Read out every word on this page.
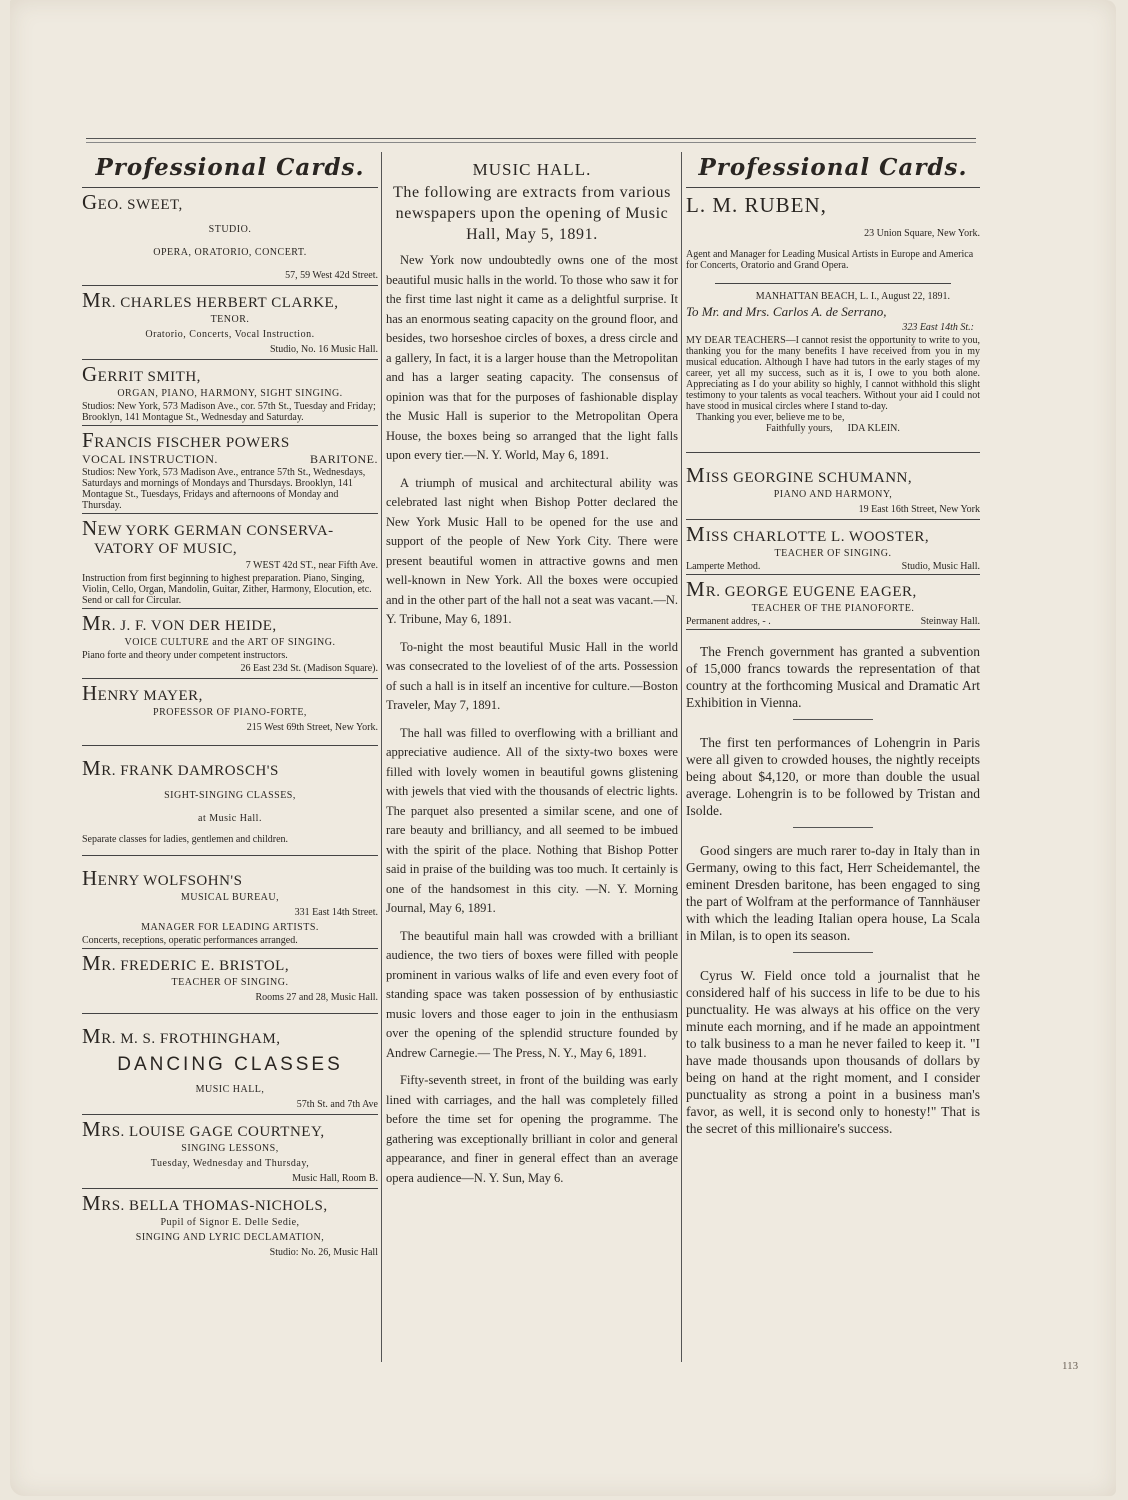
Professional Cards.
GEO. SWEET,
STUDIO.
OPERA, ORATORIO, CONCERT.
57, 59 West 42d Street.
MR. CHARLES HERBERT CLARKE,
TENOR.
Oratorio, Concerts, Vocal Instruction.
Studio, No. 16 Music Hall.
GERRIT SMITH,
ORGAN, PIANO, HARMONY, SIGHT SINGING.
Studios: New York, 573 Madison Ave., cor. 57th St., Tuesday and Friday; Brooklyn, 141 Montague St., Wednesday and Saturday.
FRANCIS FISCHER POWERS
VOCAL INSTRUCTION.	BARITONE.
Studios: New York, 573 Madison Ave., entrance 57th St., Wednesdays, Saturdays and mornings of Mondays and Thursdays. Brooklyn, 141 Montague St., Tuesdays, Fridays and afternoons of Monday and Thursday.
NEW YORK GERMAN CONSERVA-
VATORY OF MUSIC,
7 WEST 42d ST., near Fifth Ave.
Instruction from first beginning to highest preparation. Piano, Singing, Violin, Cello, Organ, Mandolin, Guitar, Zither, Harmony, Elocution, etc.
Send or call for Circular.
MR. J. F. VON DER HEIDE,
VOICE CULTURE and the ART OF SINGING.
Piano forte and theory under competent instructors.
26 East 23d St. (Madison Square).
HENRY MAYER,
PROFESSOR OF PIANO-FORTE,
215 West 69th Street, New York.
MR. FRANK DAMROSCH'S
SIGHT-SINGING CLASSES,
at Music Hall.
Separate classes for ladies, gentlemen and children.
HENRY WOLFSOHN'S
MUSICAL BUREAU,
331 East 14th Street.
MANAGER FOR LEADING ARTISTS.
Concerts, receptions, operatic performances arranged.
MR. FREDERIC E. BRISTOL,
TEACHER OF SINGING.
Rooms 27 and 28, Music Hall.
MR. M. S. FROTHINGHAM,
DANCING CLASSES
MUSIC HALL,
57th St. and 7th Ave
MRS. LOUISE GAGE COURTNEY,
SINGING LESSONS,
Tuesday, Wednesday and Thursday,
Music Hall, Room B.
MRS. BELLA THOMAS-NICHOLS,
Pupil of Signor E. Delle Sedie,
SINGING AND LYRIC DECLAMATION,
Studio: No. 26, Music Hall
MUSIC HALL.
The following are extracts from various newspapers upon the opening of Music Hall, May 5, 1891.

New York now undoubtedly owns one of the most beautiful music halls in the world. To those who saw it for the first time last night it came as a delightful surprise. It has an enormous seating capacity on the ground floor, and besides, two horseshoe circles of boxes, a dress circle and a gallery, In fact, it is a larger house than the Metropolitan and has a larger seating capacity. The consensus of opinion was that for the purposes of fashionable display the Music Hall is superior to the Metropolitan Opera House, the boxes being so arranged that the light falls upon every tier.—N. Y. World, May 6, 1891.

A triumph of musical and architectural ability was celebrated last night when Bishop Potter declared the New York Music Hall to be opened for the use and support of the people of New York City. There were present beautiful women in attractive gowns and men well-known in New York. All the boxes were occupied and in the other part of the hall not a seat was vacant.—N. Y. Tribune, May 6, 1891.

To-night the most beautiful Music Hall in the world was consecrated to the loveliest of of the arts. Possession of such a hall is in itself an incentive for culture.—Boston Traveler, May 7, 1891.

The hall was filled to overflowing with a brilliant and appreciative audience. All of the sixty-two boxes were filled with lovely women in beautiful gowns glistening with jewels that vied with the thousands of electric lights. The parquet also presented a similar scene, and one of rare beauty and brilliancy, and all seemed to be imbued with the spirit of the place. Nothing that Bishop Potter said in praise of the building was too much. It certainly is one of the handsomest in this city. —N. Y. Morning Journal, May 6, 1891.

The beautiful main hall was crowded with a brilliant audience, the two tiers of boxes were filled with people prominent in various walks of life and even every foot of standing space was taken possession of by enthusiastic music lovers and those eager to join in the enthusiasm over the opening of the splendid structure founded by Andrew Carnegie.— The Press, N. Y., May 6, 1891.

Fifty-seventh street, in front of the building was early lined with carriages, and the hall was completely filled before the time set for opening the programme. The gathering was exceptionally brilliant in color and general appearance, and finer in general effect than an average opera audience—N. Y. Sun, May 6.

Professional Cards.
L. M. RUBEN,
23 Union Square, New York.
Agent and Manager for Leading Musical Artists in Europe and America for Concerts, Oratorio and Grand Opera.
MANHATTAN BEACH, L. I., August 22, 1891.
To Mr. and Mrs. Carlos A. de Serrano,
323 East 14th St.:
MY DEAR TEACHERS—I cannot resist the opportunity to write to you, thanking you for the many benefits I have received from you in my musical education. Although I have had tutors in the early stages of my career, yet all my success, such as it is, I owe to you both alone. Appreciating as I do your ability so highly, I cannot withhold this slight testimony to your talents as vocal teachers. Without your aid I could not have stood in musical circles where I stand to-day.
Thanking you ever, believe me to be,
Faithfully yours, IDA KLEIN.
MISS GEORGINE SCHUMANN,
PIANO AND HARMONY,
19 East 16th Street, New York
MISS CHARLOTTE L. WOOSTER,
TEACHER OF SINGING.
Lamperte Method.	Studio, Music Hall.
MR. GEORGE EUGENE EAGER,
TEACHER OF THE PIANOFORTE.
Permanent addres, - .	Steinway Hall.

The French government has granted a subvention of 15,000 francs towards the representation of that country at the forthcoming Musical and Dramatic Art Exhibition in Vienna.

The first ten performances of Lohengrin in Paris were all given to crowded houses, the nightly receipts being about $4,120, or more than double the usual average. Lohengrin is to be followed by Tristan and Isolde.

Good singers are much rarer to-day in Italy than in Germany, owing to this fact, Herr Scheidemantel, the eminent Dresden baritone, has been engaged to sing the part of Wolfram at the performance of Tannhäuser with which the leading Italian opera house, La Scala in Milan, is to open its season.

Cyrus W. Field once told a journalist that he considered half of his success in life to be due to his punctuality. He was always at his office on the very minute each morning, and if he made an appointment to talk business to a man he never failed to keep it. "I have made thousands upon thousands of dollars by being on hand at the right moment, and I consider punctuality as strong a point in a business man's favor, as well, it is second only to honesty!" That is the secret of this millionaire's success.

113
